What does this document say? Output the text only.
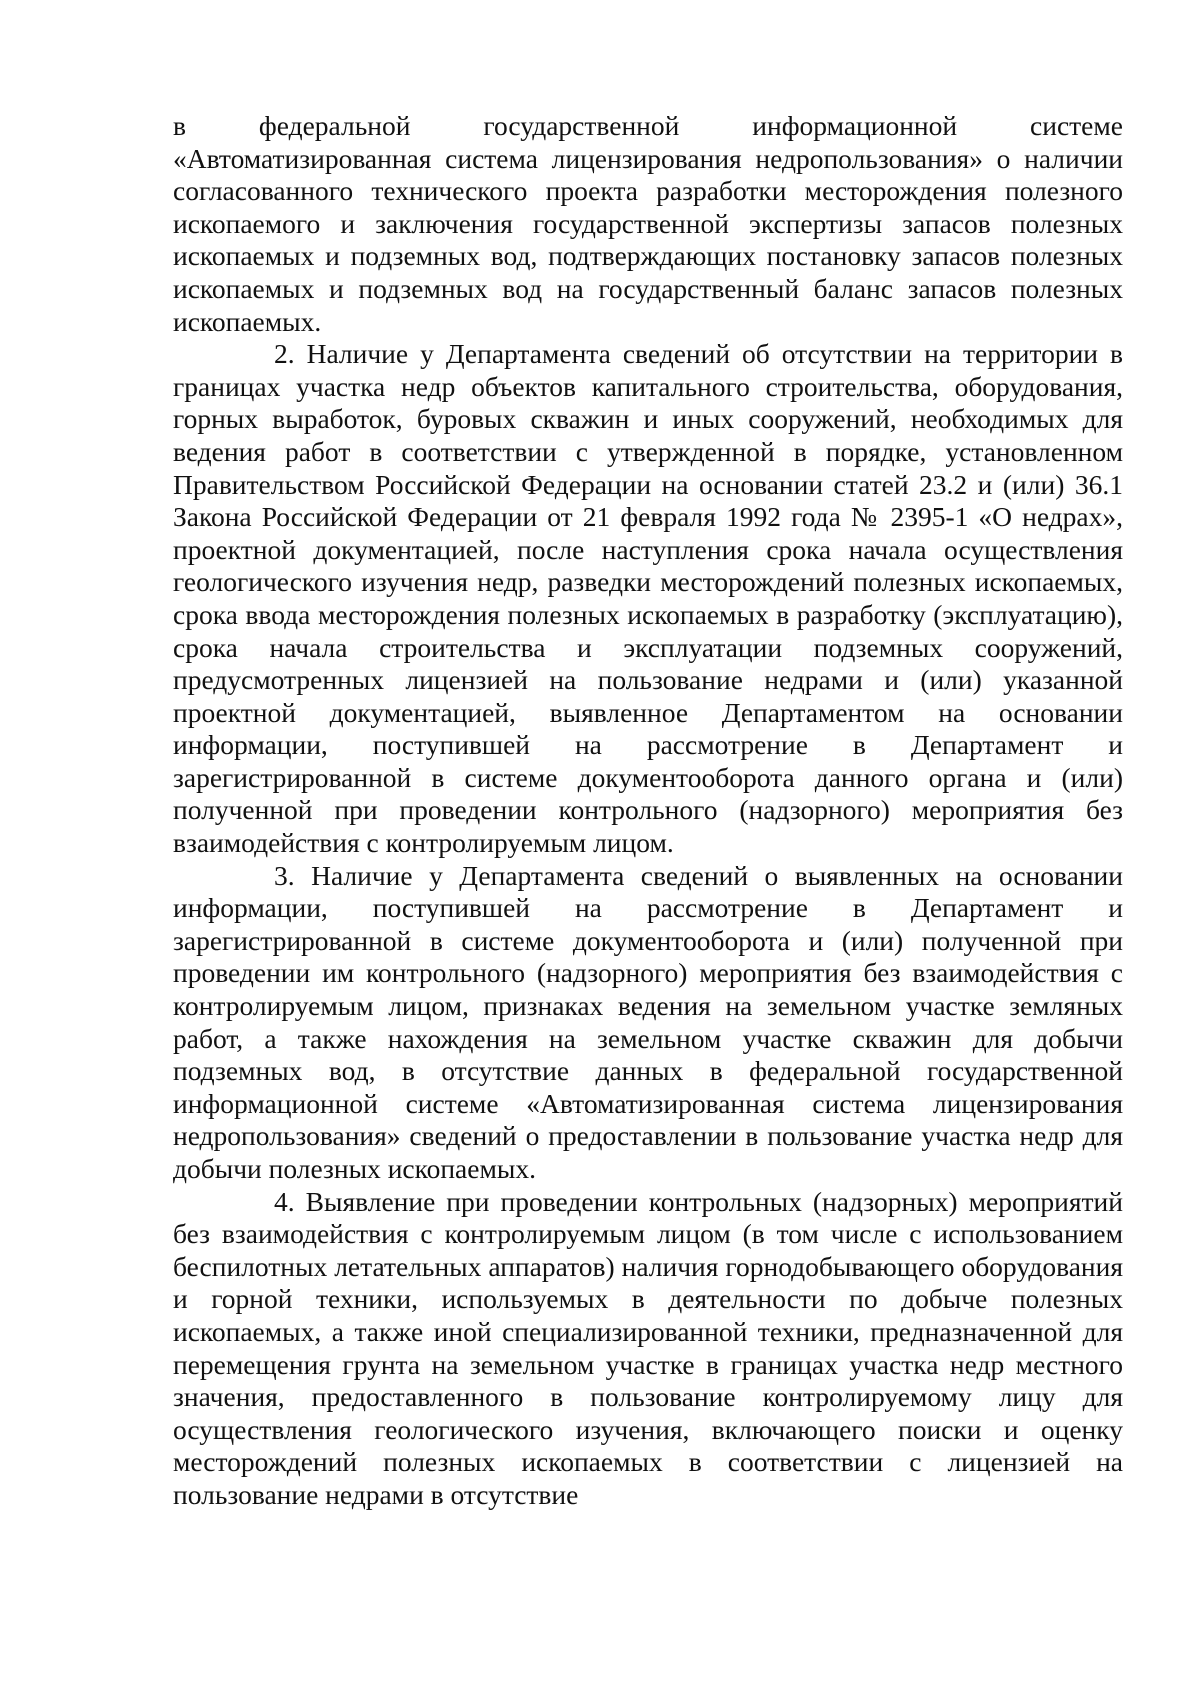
в федеральной государственной информационной системе «Автоматизированная система лицензирования недропользования» о наличии согласованного технического проекта разработки месторождения полезного ископаемого и заключения государственной экспертизы запасов полезных ископаемых и подземных вод, подтверждающих постановку запасов полезных ископаемых и подземных вод на государственный баланс запасов полезных ископаемых.

2. Наличие у Департамента сведений об отсутствии на территории в границах участка недр объектов капитального строительства, оборудования, горных выработок, буровых скважин и иных сооружений, необходимых для ведения работ в соответствии с утвержденной в порядке, установленном Правительством Российской Федерации на основании статей 23.2 и (или) 36.1 Закона Российской Федерации от 21 февраля 1992 года № 2395-1 «О недрах», проектной документацией, после наступления срока начала осуществления геологического изучения недр, разведки месторождений полезных ископаемых, срока ввода месторождения полезных ископаемых в разработку (эксплуатацию), срока начала строительства и эксплуатации подземных сооружений, предусмотренных лицензией на пользование недрами и (или) указанной проектной документацией, выявленное Департаментом на основании информации, поступившей на рассмотрение в Департамент и зарегистрированной в системе документооборота данного органа и (или) полученной при проведении контрольного (надзорного) мероприятия без взаимодействия с контролируемым лицом.

3. Наличие у Департамента сведений о выявленных на основании информации, поступившей на рассмотрение в Департамент и зарегистрированной в системе документооборота и (или) полученной при проведении им контрольного (надзорного) мероприятия без взаимодействия с контролируемым лицом, признаках ведения на земельном участке земляных работ, а также нахождения на земельном участке скважин для добычи подземных вод, в отсутствие данных в федеральной государственной информационной системе «Автоматизированная система лицензирования недропользования» сведений о предоставлении в пользование участка недр для добычи полезных ископаемых.

4. Выявление при проведении контрольных (надзорных) мероприятий без взаимодействия с контролируемым лицом (в том числе с использованием беспилотных летательных аппаратов) наличия горнодобывающего оборудования и горной техники, используемых в деятельности по добыче полезных ископаемых, а также иной специализированной техники, предназначенной для перемещения грунта на земельном участке в границах участка недр местного значения, предоставленного в пользование контролируемому лицу для осуществления геологического изучения, включающего поиски и оценку месторождений полезных ископаемых в соответствии с лицензией на пользование недрами в отсутствие
